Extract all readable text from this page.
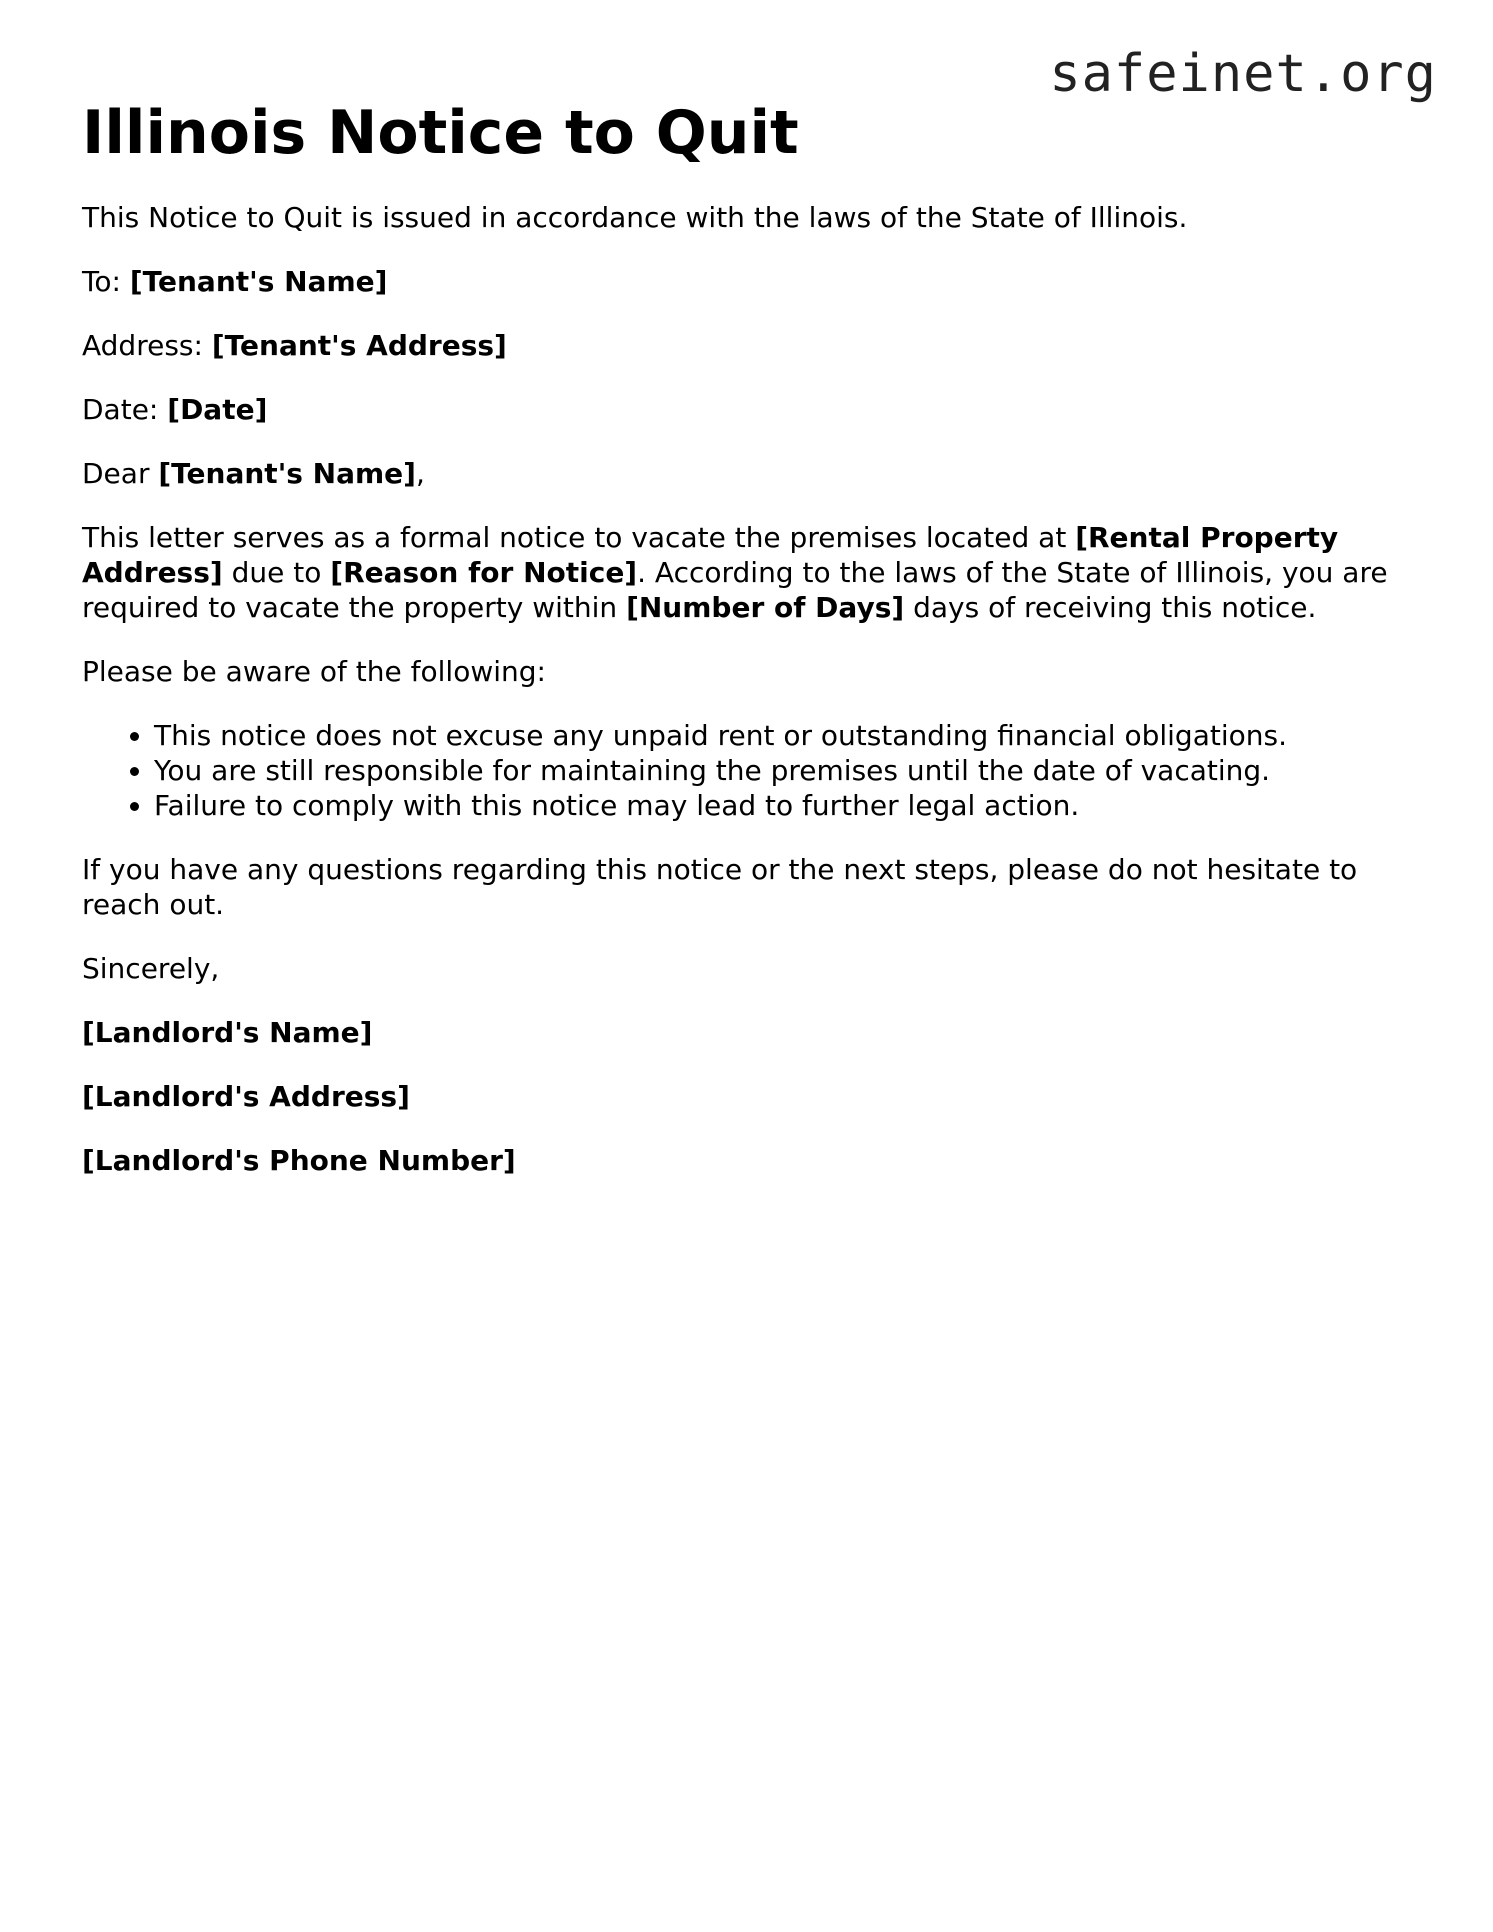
safeinet.org
Illinois Notice to Quit

This Notice to Quit is issued in accordance with the laws of the State of Illinois.

To: [Tenant's Name]

Address: [Tenant's Address]

Date: [Date]

Dear [Tenant's Name],

This letter serves as a formal notice to vacate the premises located at [Rental Property Address] due to [Reason for Notice]. According to the laws of the State of Illinois, you are required to vacate the property within [Number of Days] days of receiving this notice.

Please be aware of the following:

• This notice does not excuse any unpaid rent or outstanding financial obligations.
• You are still responsible for maintaining the premises until the date of vacating.
• Failure to comply with this notice may lead to further legal action.

If you have any questions regarding this notice or the next steps, please do not hesitate to reach out.

Sincerely,

[Landlord's Name]

[Landlord's Address]

[Landlord's Phone Number]
